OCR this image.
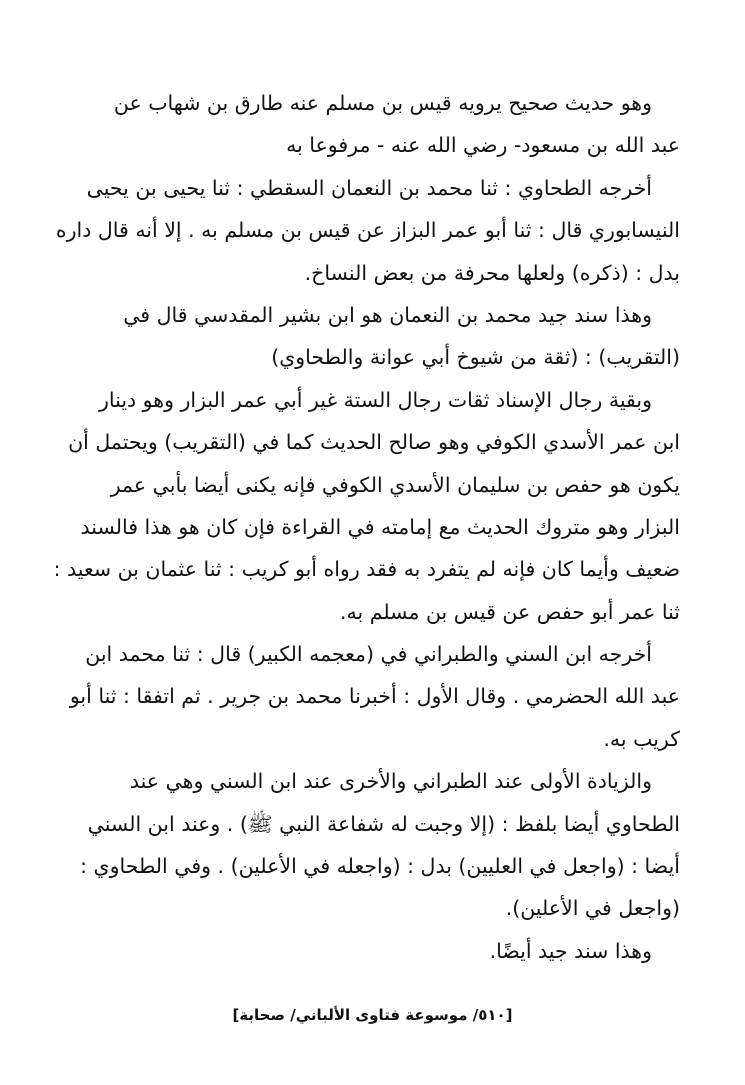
وهو حديث صحيح يرويه قيس بن مسلم عنه طارق بن شهاب عن
عبد الله بن مسعود- رضي الله عنه - مرفوعا به
أخرجه الطحاوي : ثنا محمد بن النعمان السقطي : ثنا يحيى بن يحيى
النيسابوري قال : ثنا أبو عمر البزاز عن قيس بن مسلم به . إلا أنه قال داره
بدل : (ذكره) ولعلها محرفة من بعض النساخ.
وهذا سند جيد محمد بن النعمان هو ابن بشير المقدسي قال في
(التقريب) : (ثقة من شيوخ أبي عوانة والطحاوي)
وبقية رجال الإسناد ثقات رجال الستة غير أبي عمر البزار وهو دينار
ابن عمر الأسدي الكوفي وهو صالح الحديث كما في (التقريب) ويحتمل أن
يكون هو حفص بن سليمان الأسدي الكوفي فإنه يكنى أيضا بأبي عمر
البزار وهو متروك الحديث مع إمامته في القراءة فإن كان هو هذا فالسند
ضعيف وأيما كان فإنه لم يتفرد به فقد رواه أبو كريب : ثنا عثمان بن سعيد :
ثنا عمر أبو حفص عن قيس بن مسلم به.
أخرجه ابن السني والطبراني في (معجمه الكبير) قال : ثنا محمد ابن
عبد الله الحضرمي . وقال الأول : أخبرنا محمد بن جرير . ثم اتفقا : ثنا أبو
كريب به.
والزيادة الأولى عند الطبراني والأخرى عند ابن السني وهي عند
الطحاوي أيضا بلفظ : (إلا وجبت له شفاعة النبي ﷺ) . وعند ابن السني
أيضا : (واجعل في العليين) بدل : (واجعله في الأعلين) . وفي الطحاوي :
(واجعل في الأعلين).
وهذا سند جيد أيضًا.
[٥١٠/ موسوعة فتاوى الألباني/ صحابة]
